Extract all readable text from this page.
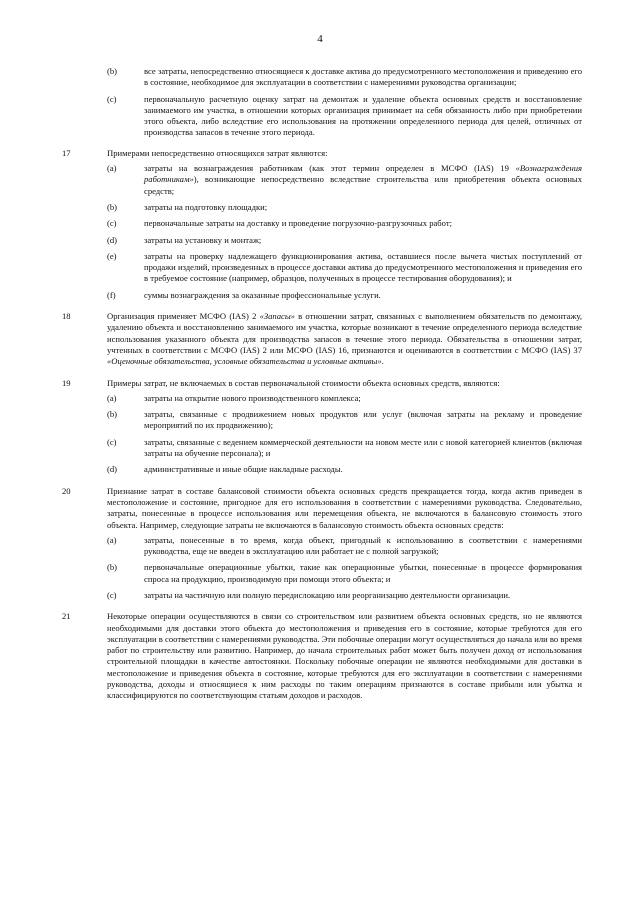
4
(b)	все затраты, непосредственно относящиеся к доставке актива до предусмотренного местоположения и приведению его в состояние, необходимое для эксплуатации в соответствии с намерениями руководства организации;
(c)	первоначальную расчетную оценку затрат на демонтаж и удаление объекта основных средств и восстановление занимаемого им участка, в отношении которых организация принимает на себя обязанность либо при приобретении этого объекта, либо вследствие его использования на протяжении определенного периода для целей, отличных от производства запасов в течение этого периода.
17	Примерами непосредственно относящихся затрат являются:

(a)	затраты на вознаграждения работникам (как этот термин определен в МСФО (IAS) 19 «Вознаграждения работникам»), возникающие непосредственно вследствие строительства или приобретения объекта основных средств;
(b)	затраты на подготовку площадки;
(c)	первоначальные затраты на доставку и проведение погрузочно-разгрузочных работ;
(d)	затраты на установку и монтаж;
(e)	затраты на проверку надлежащего функционирования актива, оставшиеся после вычета чистых поступлений от продажи изделий, произведенных в процессе доставки актива до предусмотренного местоположения и приведения его в требуемое состояние (например, образцов, полученных в процессе тестирования оборудования); и
(f)	суммы вознаграждения за оказанные профессиональные услуги.
18	Организация применяет МСФО (IAS) 2 «Запасы» в отношении затрат, связанных с выполнением обязательств по демонтажу, удалению объекта и восстановлению занимаемого им участка, которые возникают в течение определенного периода вследствие использования указанного объекта для производства запасов в течение этого периода. Обязательства в отношении затрат, учтенных в соответствии с МСФО (IAS) 2 или МСФО (IAS) 16, признаются и оцениваются в соответствии с МСФО (IAS) 37 «Оценочные обязательства, условные обязательства и условные активы».

19	Примеры затрат, не включаемых в состав первоначальной стоимости объекта основных средств, являются:

(a)	затраты на открытие нового производственного комплекса;
(b)	затраты, связанные с продвижением новых продуктов или услуг (включая затраты на рекламу и проведение мероприятий по их продвижению);
(c)	затраты, связанные с ведением коммерческой деятельности на новом месте или с новой категорией клиентов (включая затраты на обучение персонала); и
(d)	административные и иные общие накладные расходы.
20	Признание затрат в составе балансовой стоимости объекта основных средств прекращается тогда, когда актив приведен в местоположение и состояние, пригодное для его использования в соответствии с намерениями руководства. Следовательно, затраты, понесенные в процессе использования или перемещения объекта, не включаются в балансовую стоимость этого объекта. Например, следующие затраты не включаются в балансовую стоимость объекта основных средств:

(a)	затраты, понесенные в то время, когда объект, пригодный к использованию в соответствии с намерениями руководства, еще не введен в эксплуатацию или работает не с полной загрузкой;
(b)	первоначальные операционные убытки, такие как операционные убытки, понесенные в процессе формирования спроса на продукцию, производимую при помощи этого объекта; и
(c)	затраты на частичную или полную передислокацию или реорганизацию деятельности организации.
21	Некоторые операции осуществляются в связи со строительством или развитием объекта основных средств, но не являются необходимыми для доставки этого объекта до местоположения и приведения его в состояние, которые требуются для его эксплуатации в соответствии с намерениями руководства. Эти побочные операции могут осуществляться до начала или во время работ по строительству или развитию. Например, до начала строительных работ может быть получен доход от использования строительной площадки в качестве автостоянки. Поскольку побочные операции не являются необходимыми для доставки в местоположение и приведения объекта в состояние, которые требуются для его эксплуатации в соответствии с намерениями руководства, доходы и относящиеся к ним расходы по таким операциям признаются в составе прибыли или убытка и классифицируются по соответствующим статьям доходов и расходов.
